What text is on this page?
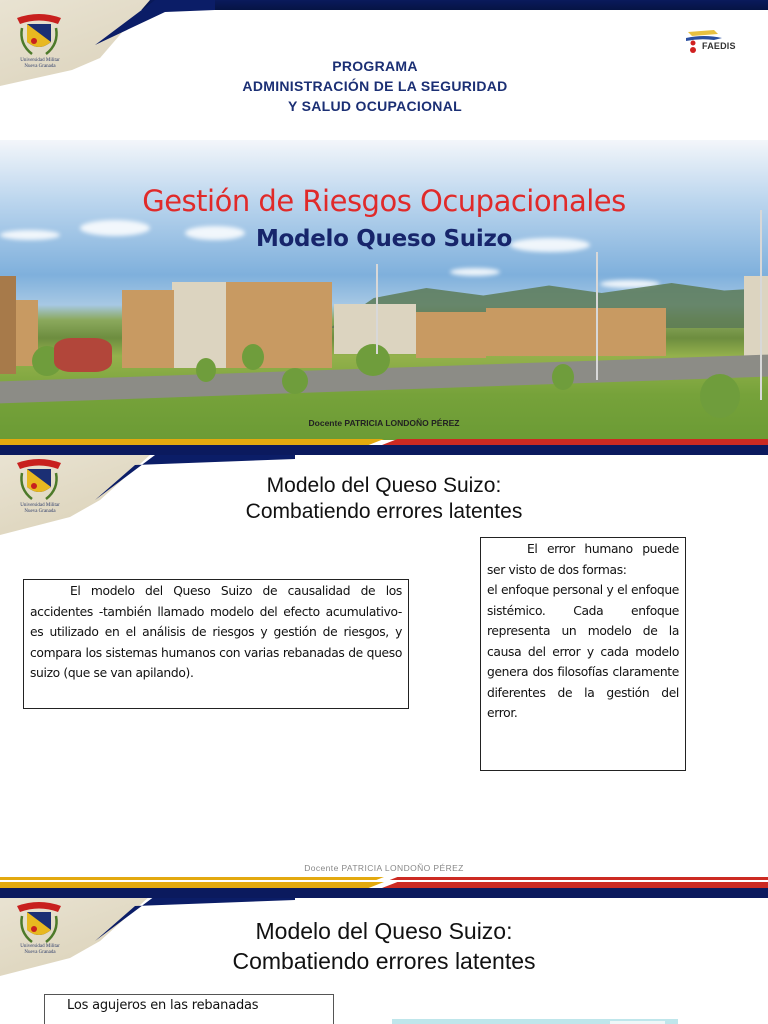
Universidad Militar
Nueva Granada	PROGRAMA
ADMINISTRACIÓN DE LA SEGURIDAD
Y SALUD OCUPACIONAL
FAEDIS
Gestión de Riesgos Ocupacionales
Modelo Queso Suizo
Docente PATRICIA LONDOÑO PÉREZ
Universidad Militar
Nueva Granada
Modelo del Queso Suizo:
Combatiendo errores latentes
El modelo del Queso Suizo de causalidad de los accidentes -también llamado modelo del efecto acumulativo- es utilizado en el análisis de riesgos y gestión de riesgos, y compara los sistemas humanos con varias rebanadas de queso suizo (que se van apilando).
El error humano puede ser visto de dos formas:
el enfoque personal y el enfoque sistémico. Cada enfoque representa un modelo de la causa del error y cada modelo genera dos filosofías claramente diferentes de la gestión del error.
Docente PATRICIA LONDOÑO PÉREZ
Universidad Militar
Nueva Granada
Modelo del Queso Suizo:
Combatiendo errores latentes
Los agujeros en las rebanadas
